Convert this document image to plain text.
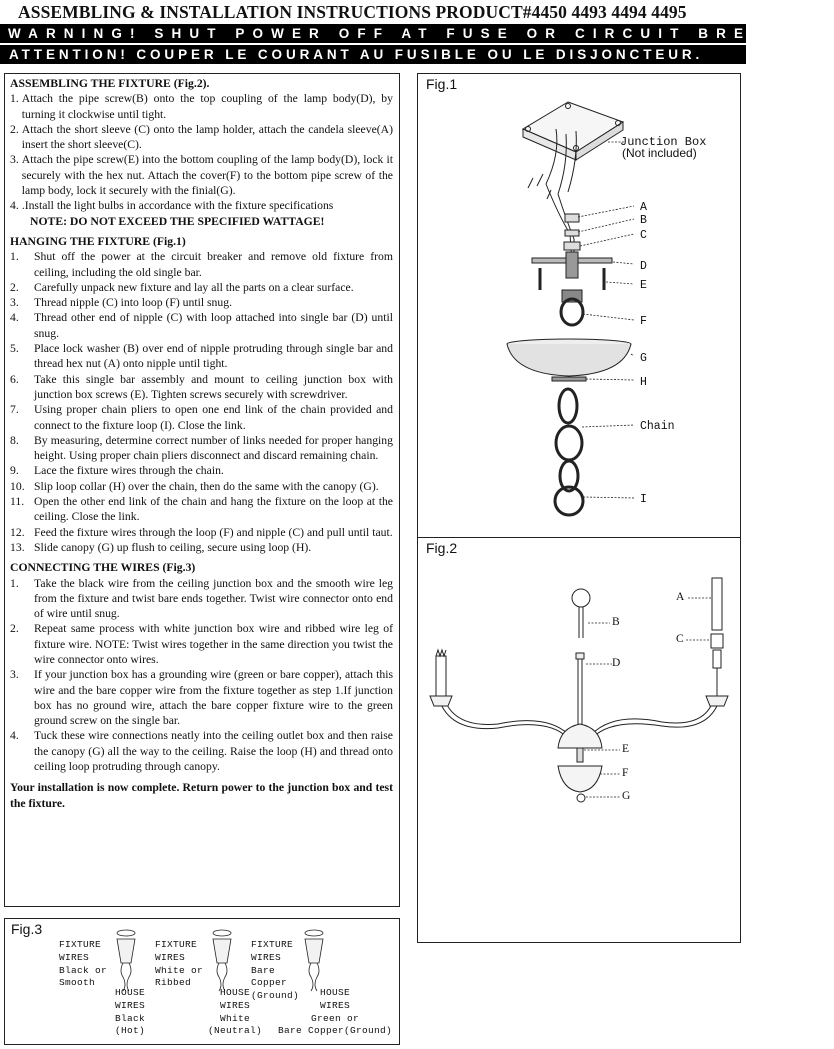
ASSEMBLING & INSTALLATION INSTRUCTIONS PRODUCT#4450 4493 4494 4495
WARNING! SHUT POWER OFF AT FUSE OR CIRCUIT BREAKER.
ATTENTION! COUPER LE COURANT AU FUSIBLE OU LE DISJONCTEUR.
ASSEMBLING THE FIXTURE (Fig.2).
1. Attach the pipe screw(B) onto the top coupling of the lamp body(D), by turning it clockwise until tight.
2. Attach the short sleeve (C) onto the lamp holder, attach the candela sleeve(A) insert the short sleeve(C).
3. Attach the pipe screw(E) into the bottom coupling of the lamp body(D), lock it securely with the hex nut. Attach the cover(F) to the bottom pipe screw of the lamp body, lock it securely with the finial(G).
4. .Install the light bulbs in accordance with the fixture specifications
NOTE: DO NOT EXCEED THE SPECIFIED WATTAGE!
HANGING THE FIXTURE (Fig.1)
1.	Shut off the power at the circuit breaker and remove old fixture from ceiling, including the old single bar.
2.	Carefully unpack new fixture and lay all the parts on a clear surface.
3.	Thread nipple (C) into loop (F) until snug.
4.	Thread other end of nipple (C) with loop attached into single bar (D) until snug.
5.	Place lock washer (B) over end of nipple protruding through single bar and thread hex nut (A) onto nipple until tight.
6.	Take this single bar assembly and mount to ceiling junction box with junction box screws (E). Tighten screws securely with screwdriver.
7.	Using proper chain pliers to open one end link of the chain provided and connect to the fixture loop (I). Close the link.
8.	By measuring, determine correct number of links needed for proper hanging height. Using proper chain pliers disconnect and discard remaining chain.
9.	Lace the fixture wires through the chain.
10. Slip loop collar (H) over the chain, then do the same with the canopy (G).
11. Open the other end link of the chain and hang the fixture on the loop at the ceiling. Close the link.
12. Feed the fixture wires through the loop (F) and nipple (C) and pull until taut.
13. Slide canopy (G) up flush to ceiling, secure using loop (H).
CONNECTING THE WIRES (Fig.3)
1.	Take the black wire from the ceiling junction box and the smooth wire leg from the fixture and twist bare ends together. Twist wire connector onto end of wire until snug.
2.	Repeat same process with white junction box wire and ribbed wire leg of fixture wire. NOTE: Twist wires together in the same direction you twist the wire connector onto wires.
3.	If your junction box has a grounding wire (green or bare copper), attach this wire and the bare copper wire from the fixture together as step 1.If junction box has no ground wire, attach the bare copper fixture wire to the green ground screw on the single bar.
4.	Tuck these wire connections neatly into the ceiling outlet box and then raise the canopy (G) all the way to the ceiling. Raise the loop (H) and thread onto ceiling loop protruding through canopy.
Your installation is now complete. Return power to the junction box and test the fixture.
Fig.1
Junction Box
(Not included)
A
B
C
D
E
F
G
H
Chain
I
Fig.2
A
B
C
D
E
F
G
Fig.3
FIXTURE
WIRES
Black or
Smooth
FIXTURE
WIRES
White or
Ribbed
FIXTURE
WIRES
Bare
Copper
(Ground)
HOUSE
WIRES
Black
(Hot)
HOUSE
WIRES
White
(Neutral)
HOUSE
WIRES
Green or
Bare Copper(Ground)
